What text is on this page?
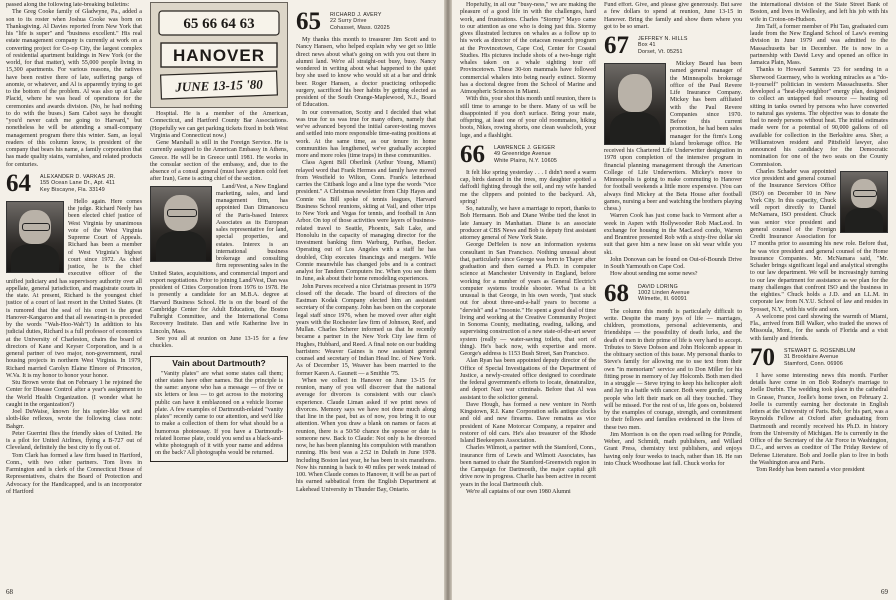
passed along the following late-breaking bulletins:

The Greg Cooke family of Gladwyne, Pa., added a son to its roster when Joshua Cooke was born on Thanksgiving. Al Davies reported from New York that his "life is super" and "business excellent." His real estate management company is currently at work on a converting project for Co-op City, the largest complex of residential apartment buildings in New York (or the world, for that matter), with 55,000 people living in 15,300 apartments. For various reasons, the natives have been restive there of late, suffering pangs of anomie, or whatever, and Al is apparently trying to get to the bottom of the problem. Al was also up at Lake Placid, where he was head of operations for the ceremonies and awards division. (No, he had nothing to do with the buses.) Sam Cabot says he thought "you'd never catch me going to Harvard," but nonetheless he will be attending a small-company management program there this winter. Sam, as loyal readers of this column know, is president of the company that bears his name, a family corporation that has made quality stains, varnishes, and related products for centuries.

64	ALEXANDER D. VARKAS JR.
155 Ocean Lane Dr., Apt. 411
Key Biscayne, Fla. 33149

Hello again. Here comes the judge. Richard Neely has been elected chief justice of West Virginia by unanimous vote of the West Virginia Supreme Court of Appeals. Richard has been a member of West Virginia's highest court since 1972. As chief justice, he is the chief executive officer of the unified judiciary and has supervisory authority over all appellate, general jurisdiction, and magistrate courts in the state. At present, Richard is the youngest chief justice of a court of last resort in the United States. (It is rumored that the seal of his court is the great Hanover-Kangaroo and that all swearing-in is preceded by the words "Wah-Hoo-Wah"!) In addition to his judicial duties, Richard is a full professor of economics at the University of Charleston, chairs the board of directors of Kane and Keyser Corporation, and is a general partner of two major, non-government, rural housing projects in northern West Virginia. In 1979, Richard married Carolyn Elaine Elmore of Princeton, W.Va. It is my honor to honor your honor.

Stu Brown wrote that on February 1 he rejoined the Center for Disease Control after a year's assignment to the World Health Organization. (I wonder what he caught in the organization?)

Joel DuWaise, known for his rapier-like wit and sloth-like reflexes, wrote the following class note: Bahgrr.

Peter Guerrini flies the friendly skies of United. He is a pilot for United Airlines, flying a B-727 out of Cleveland, definitely the best city to fly out of.

Tom Clark has formed a law firm based in Hartford, Conn., with two other partners. Tom lives in Farmington and is clerk of the Connecticut House of Representatives, chairs the Board of Protection and Advocacy for the Handicapped, and is an incorporator of Hartford

65 66 64 63
HANOVER
JUNE 13-15 '80

Hospital. He is a member of the American, Connecticut, and Hartford County Bar Associations. (Hopefully we can get parking tickets fixed in both West Virginia and Connecticut now.)

Gene Marshall is still in the Foreign Service. He is currently assigned to the American Embassy in Athens, Greece. He will be in Greece until 1981. He works in the consular section of the embassy, and, due to the absence of a consul general (must have gotten cold feet after Iran), Gene is acting chief of the section.

Land/Vest, a New England marketing, sales, and land management firm, has appointed Dan Dimancescu of the Paris-based Interex Associates as its European sales representative for land, special properties, and estates. Interex is an international business brokerage and consulting firm representing sales in the United States, acquisitions, and commercial import and export negotiations. Prior to joining Land/Vest, Dan was president of Cities Corporation from 1976 to 1978. He is presently a candidate for an M.B.A. degree at Harvard Business School. He is on the board of the Cambridge Center for Adult Education, the Boston Fulbright Committee, and the International Coma Recovery Institute. Dan and wife Katherine live in Lincoln, Mass.

See you all at reunion on June 13-15 for a few chuckles.

Vain about Dartmouth?

"Vanity plates" are what some states call them; other states have other names. But the principle is the same: anyone who has a message — of five or six letters or less — to get across to the motoring public can have it emblazoned on a vehicle license plate. A few examples of Dartmouth-related "vanity plates" recently came to our attention, and we'd like to make a collection of them for what should be a humorous photoessay. If you have a Dartmouth-related license plate, could you send us a black-and-white photograph of it with your name and address on the back? All photographs would be returned.

65	RICHARD J. AVERY
22 Surry Drive
Cohasset, Mass. 02025

My thanks this month to treasurer Jim Scott and to Nancy Hansen, who helped explain why we get so little direct news about what's going on with you out there in alumni land. We're all straight-out busy, busy. Nancy wondered in writing about what happened to the quiet boy she used to know who would sit at a bar and drink beer. Roger Hansen, a doctor practicing orthopedic surgery, sacrificed his beer habits by getting elected as president of the South Orange-Maplewood, N.J., Board of Education.

In our conversation, Scotty and I decided that what was true for us was true for many others, namely that we've advanced beyond the initial career-testing moves and settled into more responsible time-eating positions at work. At the same time, as our tenure in home communities has lengthened, we've gradually accepted more and more roles (time traps) in these communities.

Class Agent Bill Oberlink (Arthur Young, Miami) relayed word that Frank Hermes and family have moved from Westfield to Wilton, Conn. Frank's letterhead carries the Citibank logo and a line type the words "vice president." A Christmas newsletter from Chip Hayes and Connie via Bill spoke of tennis leagues, Harvard Business School reunions, skiing at Vail, and other trips to New York and Vegas for tennis, and football in Ann Arbor. On top of those activities were layers of business-related travel to Seattle, Phoenix, Salt Lake, and Honolulu in the capacity of managing director for the investment banking firm Warburg, Paribas, Becker. Operating out of Los Angeles with a staff he has doubled, Chip executes financings and mergers. Wife Connie meanwhile has changed jobs and is a contract analyst for Tandem Computers Inc. When you see them in June, ask about their home remodeling experiences.

John Purves received a nice Christmas present in 1979 closed off the decade. The board of directors of the Eastman Kodak Company elected him an assistant secretary of the company. John has been on the corporate legal staff since 1976, when he moved over after eight years with the Rochester law firm of Johnson, Reef, and Mullan. Charles Scherer informed us that he recently became a partner in the New York City law firm of Hughes, Hubbard, and Reed. A final note on our budding barristers: Weaver Gaines is now assistant general counsel and secretary of Indian Head Inc. of New York. As of December 15, Weaver has been married to the former Karen A. Gaunett — a Smithie '75.

When we collect in Hanover on June 13-15 for reunion, many of you will discover that the national average for divorces is consistent with our class's experience. Claude Liman asked if we print news of divorces. Memory says we have not done much along that line in the past, but as of now, you bring it to our attention. When you draw a blank on names or faces at reunion, there is a 50/50 chance the spouse or date is someone new. Back to Claude: Not only is he divorced now, he has been planning his compulsion with marathon running. His best was a 2:52 in Duluth in June 1978. Including Boston last year, he has been in six marathons. Now his running is back to 40 miles per week instead of 100. When Claude comes to Hanover, it will be as part of his earned sabbatical from the English Department at Lakehead University in Thunder Bay, Ontario.

68

Hopefully, in all our "busy-ness," we are making the pleasure of a good life in with the challenges, hard work, and frustrations. Charles "Stormy" Mayo came to our attention as one who is doing just this. Stormy gives illustrated lectures on whales as a follow up to his work as director of the cetacean research program at the Provincetown, Cape Cod, Center for Coastal Studies. His pictures include shots of a two-huge right whales taken on a whale sighting tour off Provincetown. These 30-ton mammals have followed commercial whalers into being nearly extinct. Stormy has a doctoral degree from the School of Marine and Atmospheric Sciences in Miami.

With this, your shot this month until reunion, there is still time to arrange to be there. Many of us will be disappointed if you don't surface. Bring your mate, offspring, at least one of your old roommates, hiking boots, Nikes, rowing shorts, one clean washcloth, your luge, and a flashlight.

66	LAWRENCE J. GEIGER
49 Greenridge Avenue
White Plains, N.Y. 10605

It felt like spring yesterday . . . I didn't need a warm cap, birds danced in the trees, my daughter spotted a daffodil fighting through the soil, and my wife handed me the clippers and pointed to the backyard. Ah, spring!

So, naturally, we have a marriage to report, thanks to Bob Hermann. Bob and Diane Weibe tied the knot in late January in Manhattan. Diane is an associate producer at CBS News and Bob is deputy first assistant attorney general of New York State.

George DeHelen is now an information systems consultant in San Francisco. Nothing unusual about that, particularly since George was born to Thayer after graduation and then earned a Ph.D. in computer science at Manchester University in England, before working for a number of years as General Electric's computer systems trouble shooter. What is a bit unusual is that George, in his own words, "just stuck out for about three-and-a-half years to become a "dervish" and a "moonie." He spent a good deal of time living and working at the Creative Community Project in Sonoma County, meditating, reading, talking, and supervising construction of a new state-of-the-art sewer system (really — water-saving toilets, that sort of thing). He's back now, with expertise and more. George's address is 1153 Bush Street, San Francisco.

Alan Ryan has been appointed deputy director of the Office of Special Investigations of the Department of Justice, a newly-created office designed to coordinate the federal government's efforts to locate, denaturalize, and deport Nazi war criminals. Before that Al was assistant to the solicitor general.

Dave Hough, has formed a new venture in North Kingstown, R.I. Kane Corporation sells antique clocks and old and new firearms. Dave remains as vice president of Kane Motorcar Company, a repairer and restorer of old cars. He's also treasurer of the Rhode Island Beekeepers Association.

Charles Wilmott, a partner with the Stamford, Conn., insurance firm of Lewis and Wilmott Associates, has been named to chair the Stamford-Greenwich region in the Campaign for Dartmouth, the major capital gift drive now in progress. Charlie has been active in recent years in the local Dartmouth club.

We're all captains of our own 1980 Alumni

Fund effort. Give, and please give generously. But save a few dollars to spend at reunion, June 13-15 in Hanover. Bring the family and show them where you got to be so smart.

67	JEFFREY N. HILLS
Box 41
Dorset, Vt. 05251

Mickey Beard has been named general manager of the Minneapolis brokerage office of the Paul Revere Life Insurance Company. Mickey has been affiliated with the Paul Revere Companies since 1970. Before this current promotion, he had been sales manager for the firm's Long Island brokerage office. He received his Chartered Life Underwriter designation in 1978 upon completion of the intensive program in financial planning management through the American College of Life Underwriters. Mickey's move to Minneapolis is going to make commuting to Hanover for football weekends a little more expensive. (You can always find Mickey at the Beta House after football games, nursing a beer and watching the brothers playing chess.)

Warren Cook has just come back to Vermont after a week in Aspen with Hollywooder Rob MacLeod. In exchange for housing in the MacLeod condo, Warren and Bramtree presented Rob with a sixty-five dollar ski suit that gave him a new lease on ski wear while you ski.

John Donovan can be found on Out-of-Bounds Drive in South Yarmouth on Cape Cod.

How about sending me some news?

68	DAVID LORING
1002 Linden Avenue
Wilmette, Ill. 60091

The column this month is particularly difficult to write. Despite the many joys of life — marriages, children, promotions, personal achievements, and friendships — the possibility of death lurks, and the death of men in their prime of life is very hard to accept. Tributes to Steve Dobson and John Holcomb appear in the obituary section of this issue. My personal thanks to Steve's family for allowing me to use text from their own "in memoriam" service and to Don Miller for his fitting prose in memory of Jay Holcomb. Both men died in a struggle — Steve trying to keep his helicopter aloft and Jay in a battle with cancer. Both were gentle, caring people who left their mark on all they touched. They will be missed. For the rest of us, life goes on, bolstered by the examples of courage, strength, and commitment to their fellows and families evidenced in the lives of these two men.

Jim Morrison is on the open road selling for Prindle, Weber, and Schmidt, math publishers, and Willard Grant Press, chemistry text publishers, and enjoys having only four weeks to teach, rather than 18. He ran into Chuck Woodhouse last fall. Chuck works for

the international division of the State Street Bank of Boston, and lives in Wellesley, and left his job with his wife in Croton-on-Hudson.

Jim Taff, a former member of Phi Tau, graduated cum laude from the New England School of Law's evening division in June 1979 and was admitted to the Massachusetts bar in December. He is now in a partnership with David Levy and opened an office in Jamaica Plain, Mass.

Thanks to Howard Sammis '23 for sending in a Sherwood Guernsey, who is working miracles as a "do-it-yourself" politician in western Massachusetts. Sher developed a "heat-thy-neighbor" energy plan, designed to collect an untapped fuel resource — heating oil sitting in tanks owned by persons who have converted to natural gas systems. The objective was to donate the fuel to needy persons without heat. The initial estimates made were for a potential of 90,000 gallons of oil available for collection in the Berkshire area. Sher, a Williamstown resident and Pittsfield lawyer, also announced his candidacy for the Democratic nomination for one of the two seats on the County Commission.

Charles Schader was appointed vice president and general counsel of the Insurance Services Office (ISO) on December 10 in New York City. In this capacity, Chuck will report directly to Daniel McNamara, ISO president. Chuck was senior vice president and general counsel of the Foreign Credit Insurance Association for 17 months prior to assuming his new role. Before that, he was vice president and general counsel of the Home Insurance Companies. Mr. McNamara said, "Mr. Schader brings significant legal and analytical strengths to our law department. We will be increasingly turning to our law department for assistance as we plan for the many challenges that confront ISO and the business in the eighties." Chuck holds a J.D. and an LL.M. in corporate law from N.Y.U. School of law and resides in Syosset, N.Y., with his wife and son.

A welcome post card showing the warmth of Miami, Fla., arrived from Bill Walker, who traded the snows of Missoula, Mont., for the sands of Florida and a visit with family and friends.

70	STEWART G. ROSENBLUM
31 Brookfaire Avenue
Stamford, Conn. 06906

I have some interesting news this month. Further details have come in on Bob Rodney's marriage to Joelle Durbin. The wedding took place in the cathedral in Grasse, France, Joelle's home town, on February 2. Joelle is currently earning her doctorate in English letters at the University of Paris. Bob, for his part, was a Reynolds Fellow at Oxford after graduating from Dartmouth and recently received his Ph.D. in history from the University of Michigan. He is currently in the Office of the Secretary of the Air Force in Washington, D.C., and serves as coeditor of The Friday Review of Defense Literature. Bob and Joelle plan to live in both the Washington area and Paris.

Tom Reddy has been named a vice president

69
